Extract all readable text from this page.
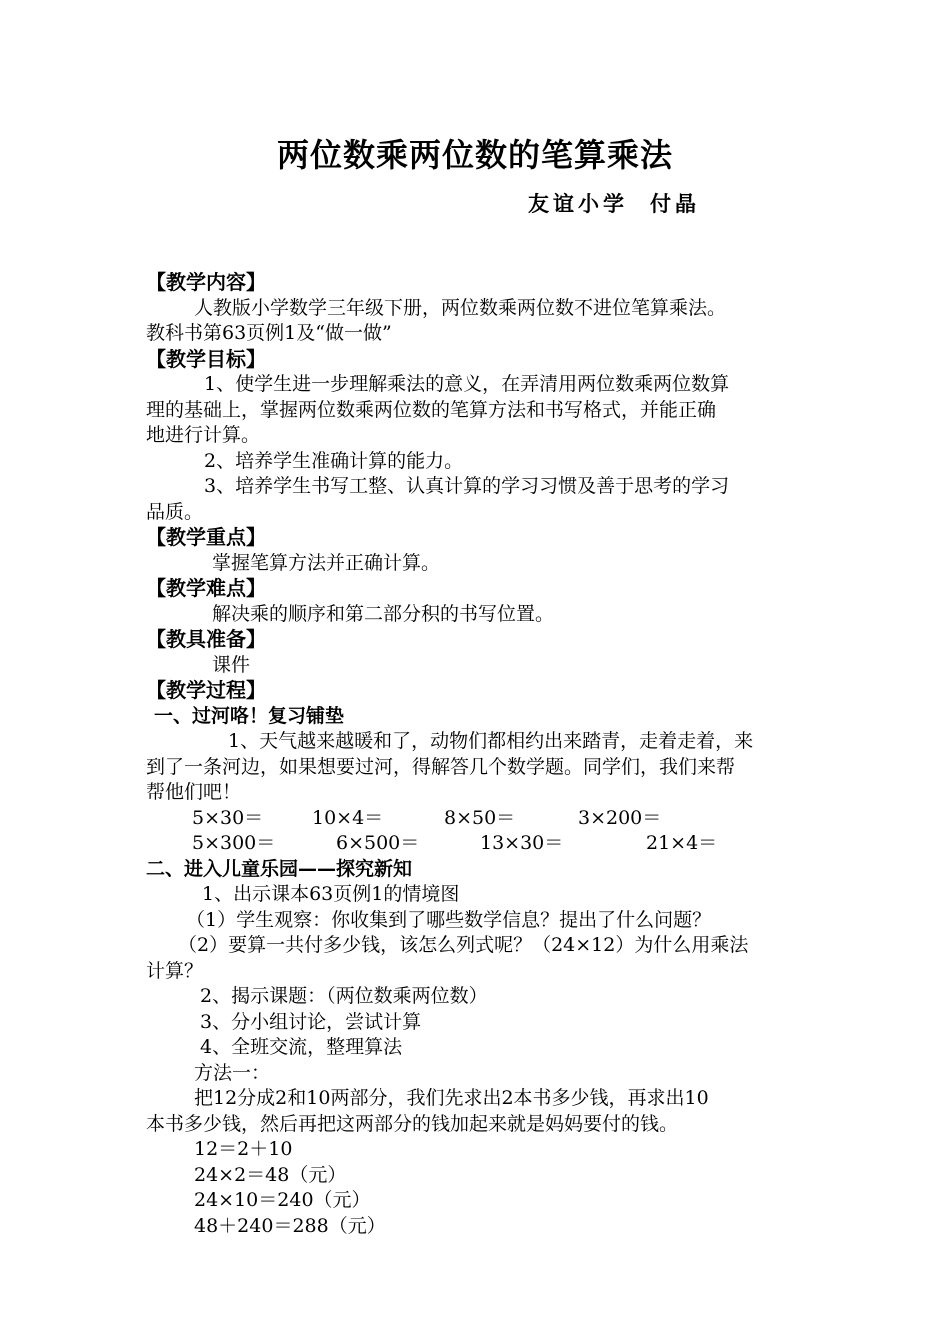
两位数乘两位数的笔算乘法
友谊小学 付晶
【教学内容】
人教版小学数学三年级下册，两位数乘两位数不进位笔算乘法。
教科书第63页例1及“做一做”
【教学目标】
1、使学生进一步理解乘法的意义，在弄清用两位数乘两位数算
理的基础上，掌握两位数乘两位数的笔算方法和书写格式，并能正确
地进行计算。
2、培养学生准确计算的能力。
3、培养学生书写工整、认真计算的学习习惯及善于思考的学习
品质。
【教学重点】
掌握笔算方法并正确计算。
【教学难点】
解决乘的顺序和第二部分积的书写位置。
【教具准备】
课件
【教学过程】
一、过河咯！复习铺垫
1、天气越来越暖和了，动物们都相约出来踏青，走着走着，来
到了一条河边，如果想要过河，得解答几个数学题。同学们，我们来帮
帮他们吧！
5×30＝	10×4＝	8×50＝	3×200＝
5×300＝	6×500＝	13×30＝	21×4＝
二、进入儿童乐园——探究新知
1、出示课本63页例1的情境图
（1）学生观察：你收集到了哪些数学信息？提出了什么问题？
（2）要算一共付多少钱，该怎么列式呢？（24×12）为什么用乘法
计算？
2、揭示课题：（两位数乘两位数）
3、分小组讨论，尝试计算
4、全班交流，整理算法
方法一：
把12分成2和10两部分，我们先求出2本书多少钱，再求出10
本书多少钱，然后再把这两部分的钱加起来就是妈妈要付的钱。
12＝2＋10
24×2＝48（元）
24×10＝240（元）
48＋240＝288（元）
